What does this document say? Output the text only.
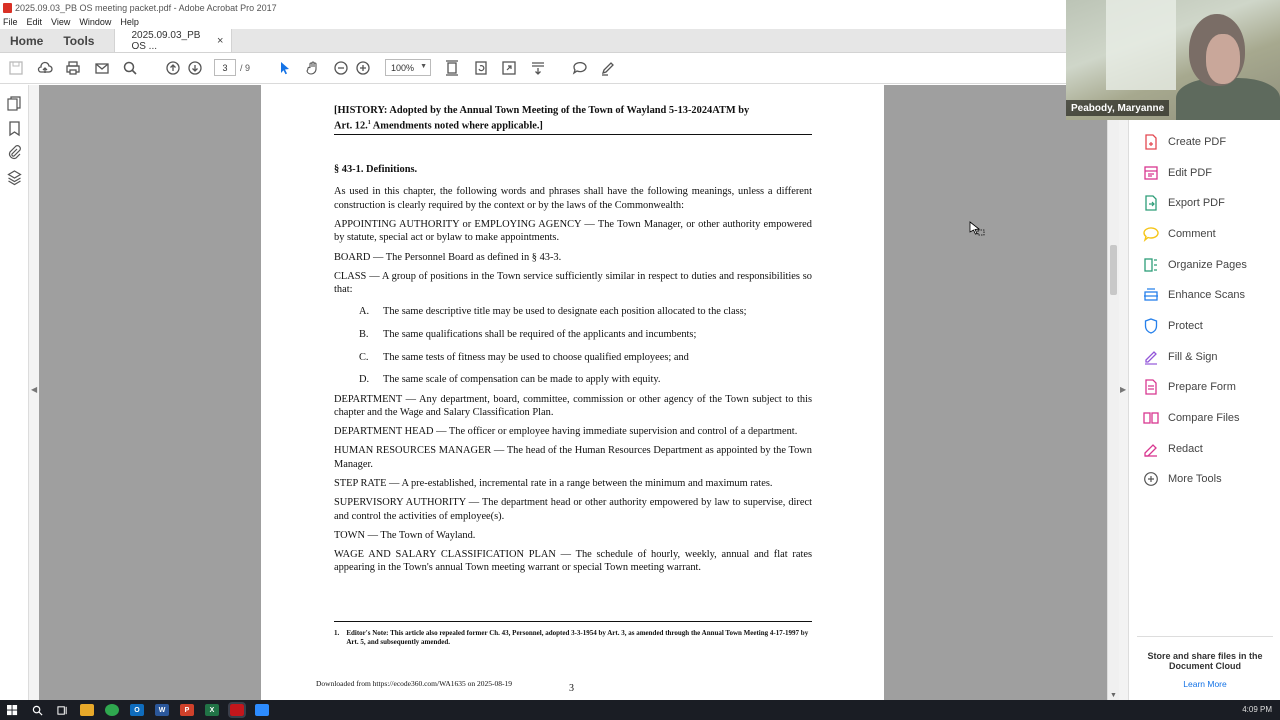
2025.09.03_PB OS meeting packet.pdf - Adobe Acrobat Pro 2017
File Edit View Window Help
Home	Tools	2025.09.03_PB OS ...	×
3	/ 9	100% ▼
◀
[HISTORY: Adopted by the Annual Town Meeting of the Town of Wayland 5-13-2024ATM by
Art. 12.$^1$ Amendments noted where applicable.]
§ 43-1. Definitions.
As used in this chapter, the following words and phrases shall have the following meanings, unless a different construction is clearly required by the context or by the laws of the Commonwealth:
APPOINTING AUTHORITY or EMPLOYING AGENCY — The Town Manager, or other authority empowered by statute, special act or bylaw to make appointments.
BOARD — The Personnel Board as defined in § 43-3.
CLASS — A group of positions in the Town service sufficiently similar in respect to duties and responsibilities so that:
A.	The same descriptive title may be used to designate each position allocated to the class;
B.	The same qualifications shall be required of the applicants and incumbents;
C.	The same tests of fitness may be used to choose qualified employees; and
D.	The same scale of compensation can be made to apply with equity.
DEPARTMENT — Any department, board, committee, commission or other agency of the Town subject to this chapter and the Wage and Salary Classification Plan.
DEPARTMENT HEAD — The officer or employee having immediate supervision and control of a department.
HUMAN RESOURCES MANAGER — The head of the Human Resources Department as appointed by the Town Manager.
STEP RATE — A pre-established, incremental rate in a range between the minimum and maximum rates.
SUPERVISORY AUTHORITY — The department head or other authority empowered by law to supervise, direct and control the activities of employee(s).
TOWN — The Town of Wayland.
WAGE AND SALARY CLASSIFICATION PLAN — The schedule of hourly, weekly, annual and flat rates appearing in the Town's annual Town meeting warrant or special Town meeting warrant.
1.	Editor's Note: This article also repealed former Ch. 43, Personnel, adopted 3-3-1954 by Art. 3, as amended through the Annual Town Meeting 4-17-1997 by Art. 5, and subsequently amended.
Downloaded from https://ecode360.com/WA1635 on 2025-08-19	3
▼
▶
Create PDF
Edit PDF
Export PDF
Comment
Organize Pages
Enhance Scans
Protect
Fill & Sign
Prepare Form
Compare Files
Redact
More Tools
Store and share files in the Document Cloud
Learn More
Peabody, Maryanne
O	W	P	X	4:09 PM
